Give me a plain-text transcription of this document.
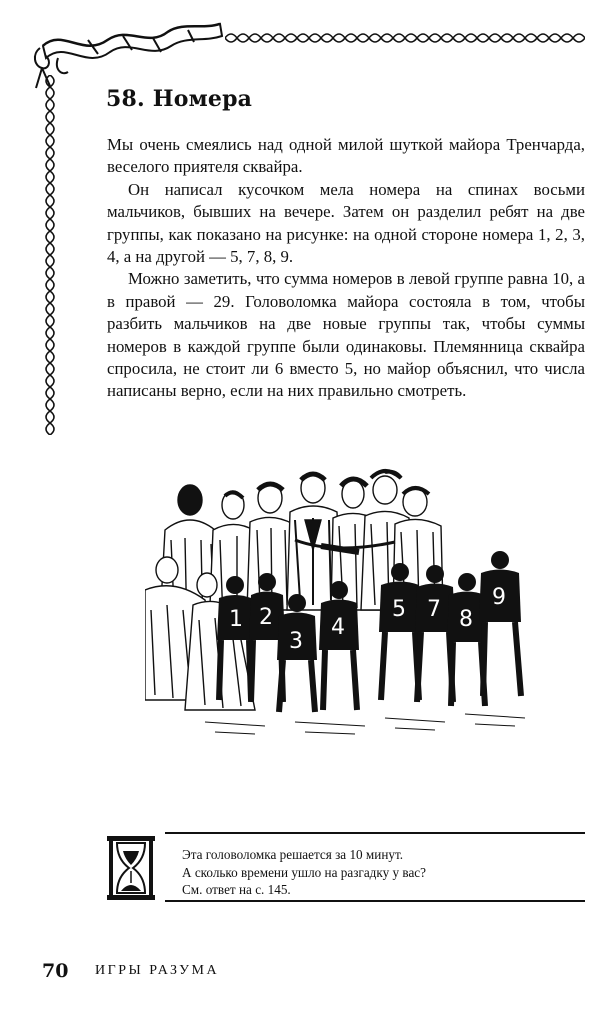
58. Номера

Мы очень смеялись над одной милой шуткой майора Тренчарда, веселого приятеля сквайра.

Он написал кусочком мела номера на спинах восьми мальчиков, бывших на вечере. Затем он разделил ребят на две группы, как показано на рисунке: на одной стороне номера 1, 2, 3, 4, а на другой — 5, 7, 8, 9.

Можно заметить, что сумма номеров в левой группе равна 10, а в правой — 29. Головоломка майора состояла в том, чтобы разбить мальчиков на две новые группы так, чтобы суммы номеров в каждой группе были одинаковы. Племянница сквайра спросила, не стоит ли 6 вместо 5, но майор объяснил, что числа написаны верно, если на них правильно смотреть.

1 2
3
4
5 7 8
9
Эта головоломка решается за 10 минут.
А сколько времени ушло на разгадку у вас?
См. ответ на с. 145.
70 ИГРЫ РАЗУМА
